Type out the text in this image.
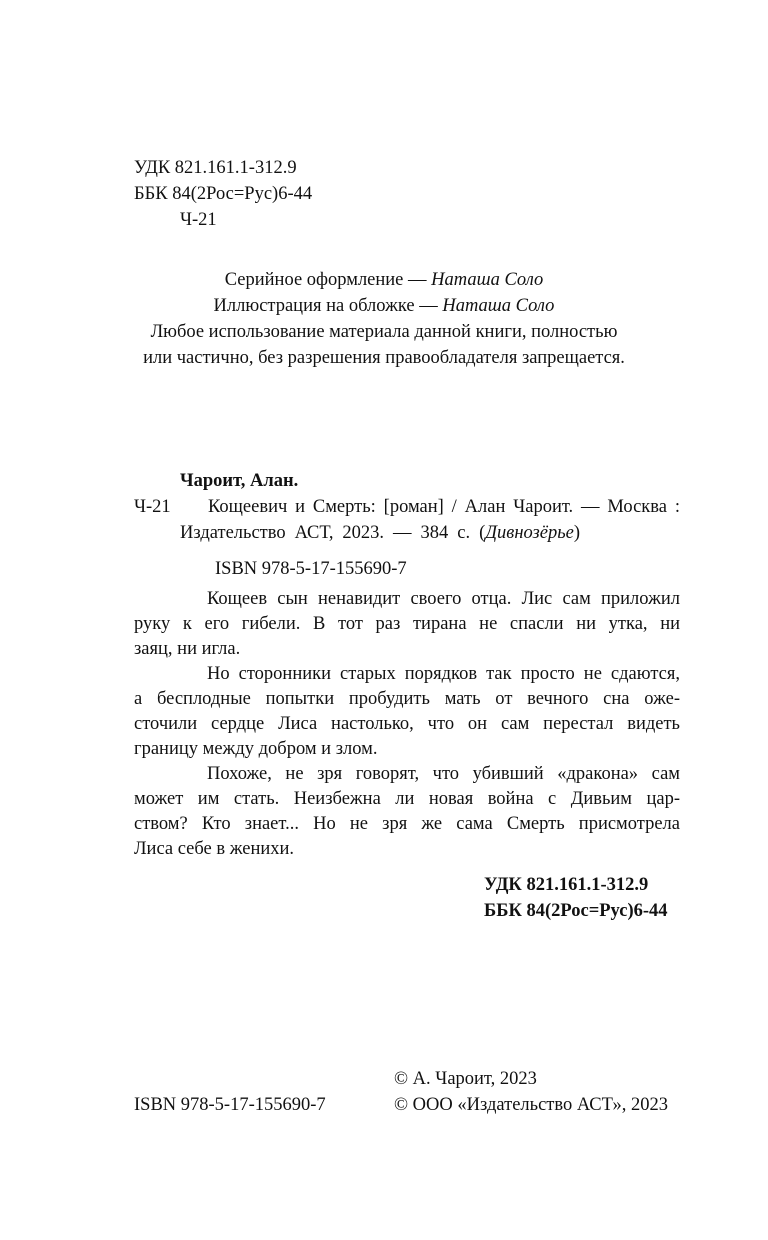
УДК 821.161.1-312.9
ББК 84(2Рос=Рус)6-44
Ч-21
Серийное оформление — Наташа Соло
Иллюстрация на обложке — Наташа Соло
Любое использование материала данной книги, полностью
или частично, без разрешения правообладателя запрещается.
Чароит, Алан.
Ч-21 Кощеевич и Смерть: [роман] / Алан Чароит. — Москва :
Издательство АСТ, 2023. — 384 с. (Дивнозёрье)
ISBN 978-5-17-155690-7
Кощеев сын ненавидит своего отца. Лис сам приложил
руку к его гибели. В тот раз тирана не спасли ни утка, ни
заяц, ни игла.
Но сторонники старых порядков так просто не сдаются,
а бесплодные попытки пробудить мать от вечного сна оже-
сточили сердце Лиса настолько, что он сам перестал видеть
границу между добром и злом.
Похоже, не зря говорят, что убивший «дракона» сам
может им стать. Неизбежна ли новая война с Дивьим цар-
ством? Кто знает... Но не зря же сама Смерть присмотрела
Лиса себе в женихи.
УДК 821.161.1-312.9
ББК 84(2Рос=Рус)6-44
© А. Чароит, 2023
ISBN 978-5-17-155690-7	© ООО «Издательство АСТ», 2023
